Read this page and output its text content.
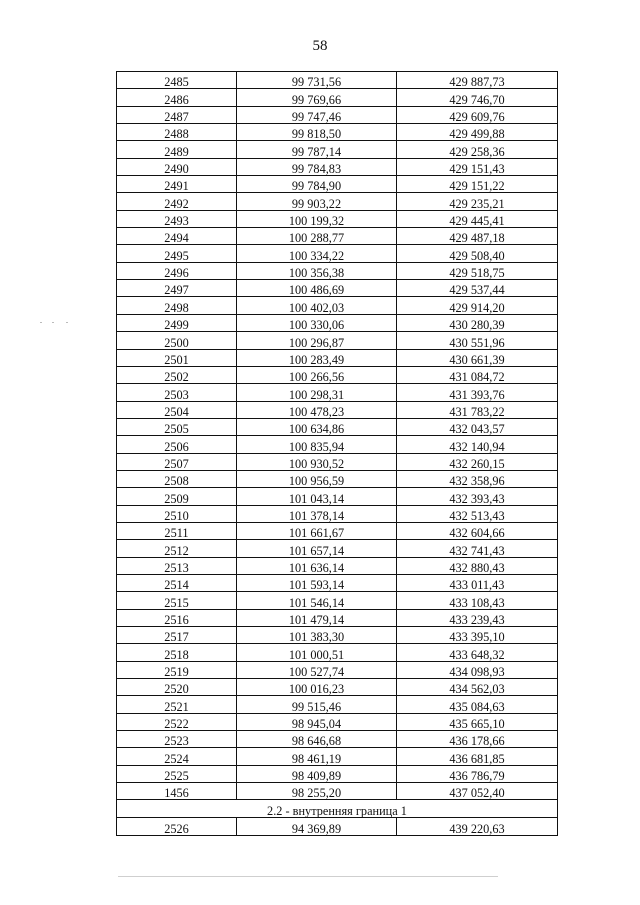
58
2485	99 731,56	429 887,73
2486	99 769,66	429 746,70
2487	99 747,46	429 609,76
2488	99 818,50	429 499,88
2489	99 787,14	429 258,36
2490	99 784,83	429 151,43
2491	99 784,90	429 151,22
2492	99 903,22	429 235,21
2493	100 199,32	429 445,41
2494	100 288,77	429 487,18
2495	100 334,22	429 508,40
2496	100 356,38	429 518,75
2497	100 486,69	429 537,44
2498	100 402,03	429 914,20
2499	100 330,06	430 280,39
2500	100 296,87	430 551,96
2501	100 283,49	430 661,39
2502	100 266,56	431 084,72
2503	100 298,31	431 393,76
2504	100 478,23	431 783,22
2505	100 634,86	432 043,57
2506	100 835,94	432 140,94
2507	100 930,52	432 260,15
2508	100 956,59	432 358,96
2509	101 043,14	432 393,43
2510	101 378,14	432 513,43
2511	101 661,67	432 604,66
2512	101 657,14	432 741,43
2513	101 636,14	432 880,43
2514	101 593,14	433 011,43
2515	101 546,14	433 108,43
2516	101 479,14	433 239,43
2517	101 383,30	433 395,10
2518	101 000,51	433 648,32
2519	100 527,74	434 098,93
2520	100 016,23	434 562,03
2521	99 515,46	435 084,63
2522	98 945,04	435 665,10
2523	98 646,68	436 178,66
2524	98 461,19	436 681,85
2525	98 409,89	436 786,79
1456	98 255,20	437 052,40
2.2 - внутренняя граница 1		
2526	94 369,89	439 220,63
